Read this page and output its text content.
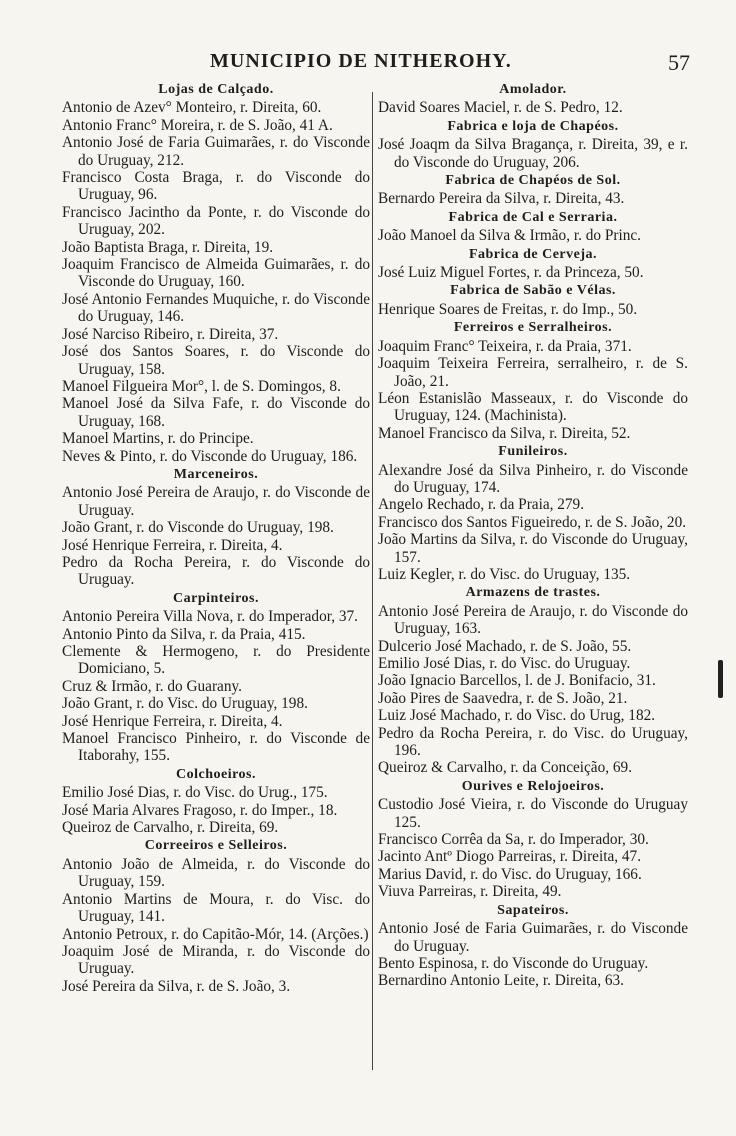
MUNICIPIO DE NITHEROHY.	57
Lojas de Calçado.

Antonio de Azev° Monteiro, r. Direita, 60.

Antonio Franc° Moreira, r. de S. João, 41 A.

Antonio José de Faria Guimarães, r. do Visconde do Uruguay, 212.

Francisco Costa Braga, r. do Visconde do Uruguay, 96.

Francisco Jacintho da Ponte, r. do Visconde do Uruguay, 202.

João Baptista Braga, r. Direita, 19.

Joaquim Francisco de Almeida Guimarães, r. do Visconde do Uruguay, 160.

José Antonio Fernandes Muquiche, r. do Visconde do Uruguay, 146.

José Narciso Ribeiro, r. Direita, 37.

José dos Santos Soares, r. do Visconde do Uruguay, 158.

Manoel Filgueira Mor°, l. de S. Domingos, 8.

Manoel José da Silva Fafe, r. do Visconde do Uruguay, 168.

Manoel Martins, r. do Principe.

Neves & Pinto, r. do Visconde do Uruguay, 186.

Marceneiros.

Antonio José Pereira de Araujo, r. do Visconde de Uruguay.

João Grant, r. do Visconde do Uruguay, 198.

José Henrique Ferreira, r. Direita, 4.

Pedro da Rocha Pereira, r. do Visconde do Uruguay.

Carpinteiros.

Antonio Pereira Villa Nova, r. do Imperador, 37.

Antonio Pinto da Silva, r. da Praia, 415.

Clemente & Hermogeno, r. do Presidente Domiciano, 5.

Cruz & Irmão, r. do Guarany.

João Grant, r. do Visc. do Uruguay, 198.

José Henrique Ferreira, r. Direita, 4.

Manoel Francisco Pinheiro, r. do Visconde de Itaborahy, 155.

Colchoeiros.

Emilio José Dias, r. do Visc. do Urug., 175.

José Maria Alvares Fragoso, r. do Imper., 18.

Queiroz de Carvalho, r. Direita, 69.

Correeiros e Selleiros.

Antonio João de Almeida, r. do Visconde do Uruguay, 159.

Antonio Martins de Moura, r. do Visc. do Uruguay, 141.

Antonio Petroux, r. do Capitão-Mór, 14. (Arções.)

Joaquim José de Miranda, r. do Visconde do Uruguay.

José Pereira da Silva, r. de S. João, 3.

Amolador.

David Soares Maciel, r. de S. Pedro, 12.

Fabrica e loja de Chapéos.

José Joaqm da Silva Bragança, r. Direita, 39, e r. do Visconde do Uruguay, 206.

Fabrica de Chapéos de Sol.

Bernardo Pereira da Silva, r. Direita, 43.

Fabrica de Cal e Serraria.

João Manoel da Silva & Irmão, r. do Princ.

Fabrica de Cerveja.

José Luiz Miguel Fortes, r. da Princeza, 50.

Fabrica de Sabão e Vélas.

Henrique Soares de Freitas, r. do Imp., 50.

Ferreiros e Serralheiros.

Joaquim Franc° Teixeira, r. da Praia, 371.

Joaquim Teixeira Ferreira, serralheiro, r. de S. João, 21.

Léon Estanislão Masseaux, r. do Visconde do Uruguay, 124. (Machinista).

Manoel Francisco da Silva, r. Direita, 52.

Funileiros.

Alexandre José da Silva Pinheiro, r. do Visconde do Uruguay, 174.

Angelo Rechado, r. da Praia, 279.

Francisco dos Santos Figueiredo, r. de S. João, 20.

João Martins da Silva, r. do Visconde do Uruguay, 157.

Luiz Kegler, r. do Visc. do Uruguay, 135.

Armazens de trastes.

Antonio José Pereira de Araujo, r. do Visconde do Uruguay, 163.

Dulcerio José Machado, r. de S. João, 55.

Emilio José Dias, r. do Visc. do Uruguay.

João Ignacio Barcellos, l. de J. Bonifacio, 31.

João Pires de Saavedra, r. de S. João, 21.

Luiz José Machado, r. do Visc. do Urug, 182.

Pedro da Rocha Pereira, r. do Visc. do Uruguay, 196.

Queiroz & Carvalho, r. da Conceição, 69.

Ourives e Relojoeiros.

Custodio José Vieira, r. do Visconde do Uruguay 125.

Francisco Corrêa da Sa, r. do Imperador, 30.

Jacinto Antº Diogo Parreiras, r. Direita, 47.

Marius David, r. do Visc. do Uruguay, 166.

Viuva Parreiras, r. Direita, 49.

Sapateiros.

Antonio José de Faria Guimarães, r. do Visconde do Uruguay.

Bento Espinosa, r. do Visconde do Uruguay.

Bernardino Antonio Leite, r. Direita, 63.
